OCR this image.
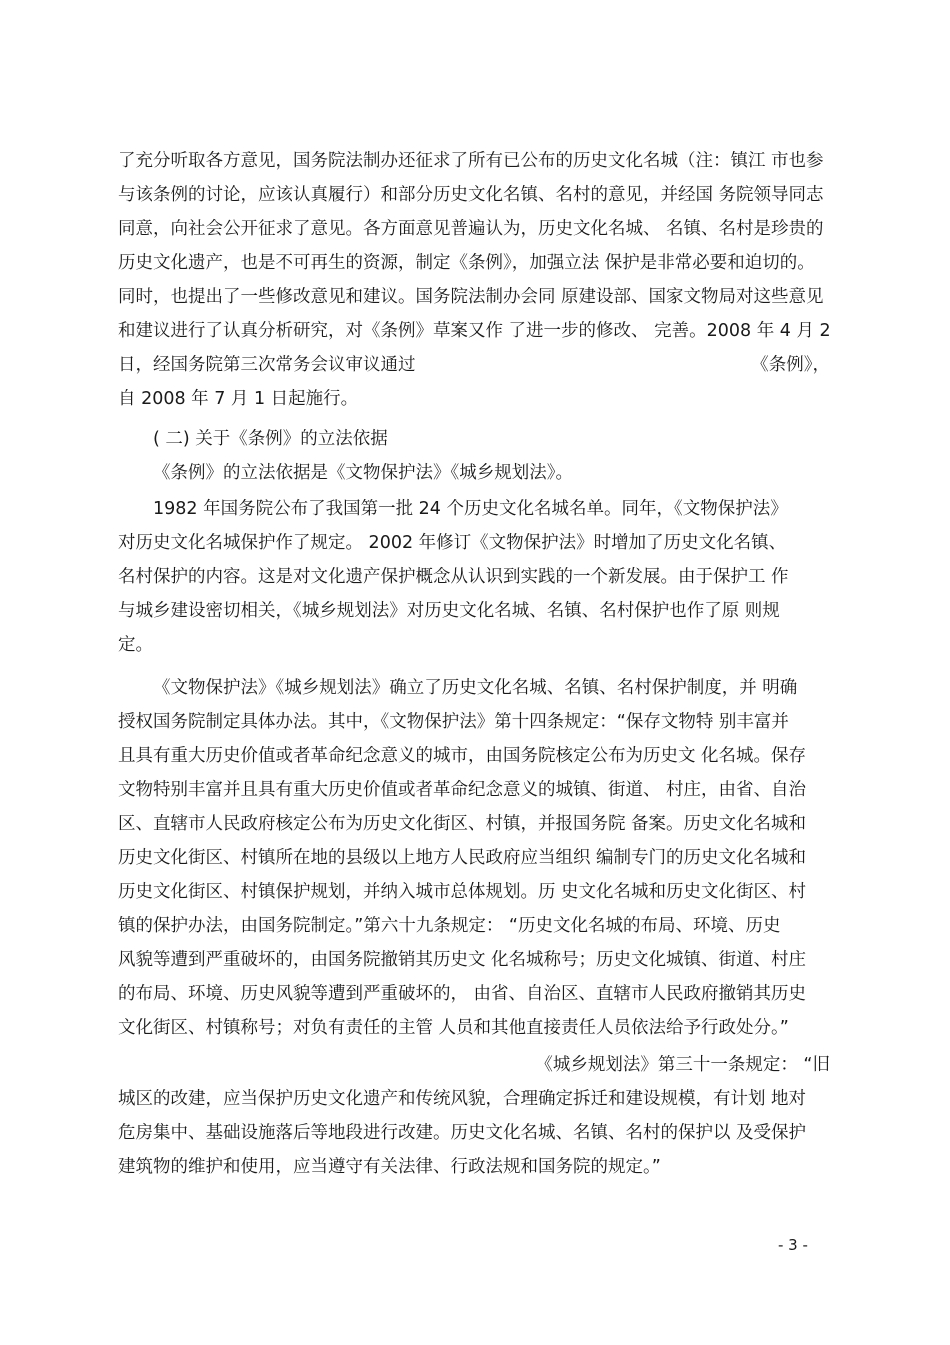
了充分听取各方意见，国务院法制办还征求了所有已公布的历史文化名城（注：镇江 市也参
与该条例的讨论，应该认真履行）和部分历史文化名镇、名村的意见，并经国 务院领导同志
同意，向社会公开征求了意见。各方面意见普遍认为，历史文化名城、 名镇、名村是珍贵的
历史文化遗产，也是不可再生的资源，制定《条例》，加强立法 保护是非常必要和迫切的。
同时，也提出了一些修改意见和建议。国务院法制办会同 原建设部、国家文物局对这些意见
和建议进行了认真分析研究，对《条例》草案又作 了进一步的修改、 完善。2008 年 4 月 2
日，经国务院第三次常务会议审议通过	《条例》，
自 2008 年 7 月 1 日起施行。
( 二) 关于《条例》的立法依据
《条例》的立法依据是《文物保护法》《城乡规划法》。
1982 年国务院公布了我国第一批 24 个历史文化名城名单。同年，《文物保护法》
对历史文化名城保护作了规定。 2002 年修订《文物保护法》时增加了历史文化名镇、
名村保护的内容。这是对文化遗产保护概念从认识到实践的一个新发展。由于保护工 作
与城乡建设密切相关，《城乡规划法》对历史文化名城、名镇、名村保护也作了原 则规
定。
《文物保护法》《城乡规划法》确立了历史文化名城、名镇、名村保护制度，并 明确
授权国务院制定具体办法。其中，《文物保护法》第十四条规定：“保存文物特 别丰富并
且具有重大历史价值或者革命纪念意义的城市，由国务院核定公布为历史文 化名城。保存
文物特别丰富并且具有重大历史价值或者革命纪念意义的城镇、街道、 村庄，由省、自治
区、直辖市人民政府核定公布为历史文化街区、村镇，并报国务院 备案。历史文化名城和
历史文化街区、村镇所在地的县级以上地方人民政府应当组织 编制专门的历史文化名城和
历史文化街区、村镇保护规划，并纳入城市总体规划。历 史文化名城和历史文化街区、村
镇的保护办法，由国务院制定。”第六十九条规定： “历史文化名城的布局、环境、历史
风貌等遭到严重破坏的，由国务院撤销其历史文 化名城称号；历史文化城镇、街道、村庄
的布局、环境、历史风貌等遭到严重破坏的， 由省、自治区、直辖市人民政府撤销其历史
文化街区、村镇称号；对负有责任的主管 人员和其他直接责任人员依法给予行政处分。”
《城乡规划法》第三十一条规定： “旧
城区的改建，应当保护历史文化遗产和传统风貌，合理确定拆迁和建设规模，有计划 地对
危房集中、基础设施落后等地段进行改建。历史文化名城、名镇、名村的保护以 及受保护
建筑物的维护和使用，应当遵守有关法律、行政法规和国务院的规定。”
- 3 -
